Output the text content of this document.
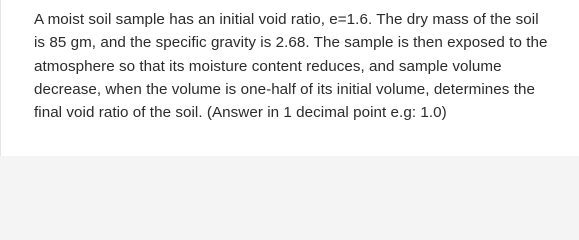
A moist soil sample has an initial void ratio, e=1.6. The dry mass of the soil
is 85 gm, and the specific gravity is 2.68. The sample is then exposed to the
atmosphere so that its moisture content reduces, and sample volume
decrease, when the volume is one-half of its initial volume, determines the
final void ratio of the soil. (Answer in 1 decimal point e.g: 1.0)
